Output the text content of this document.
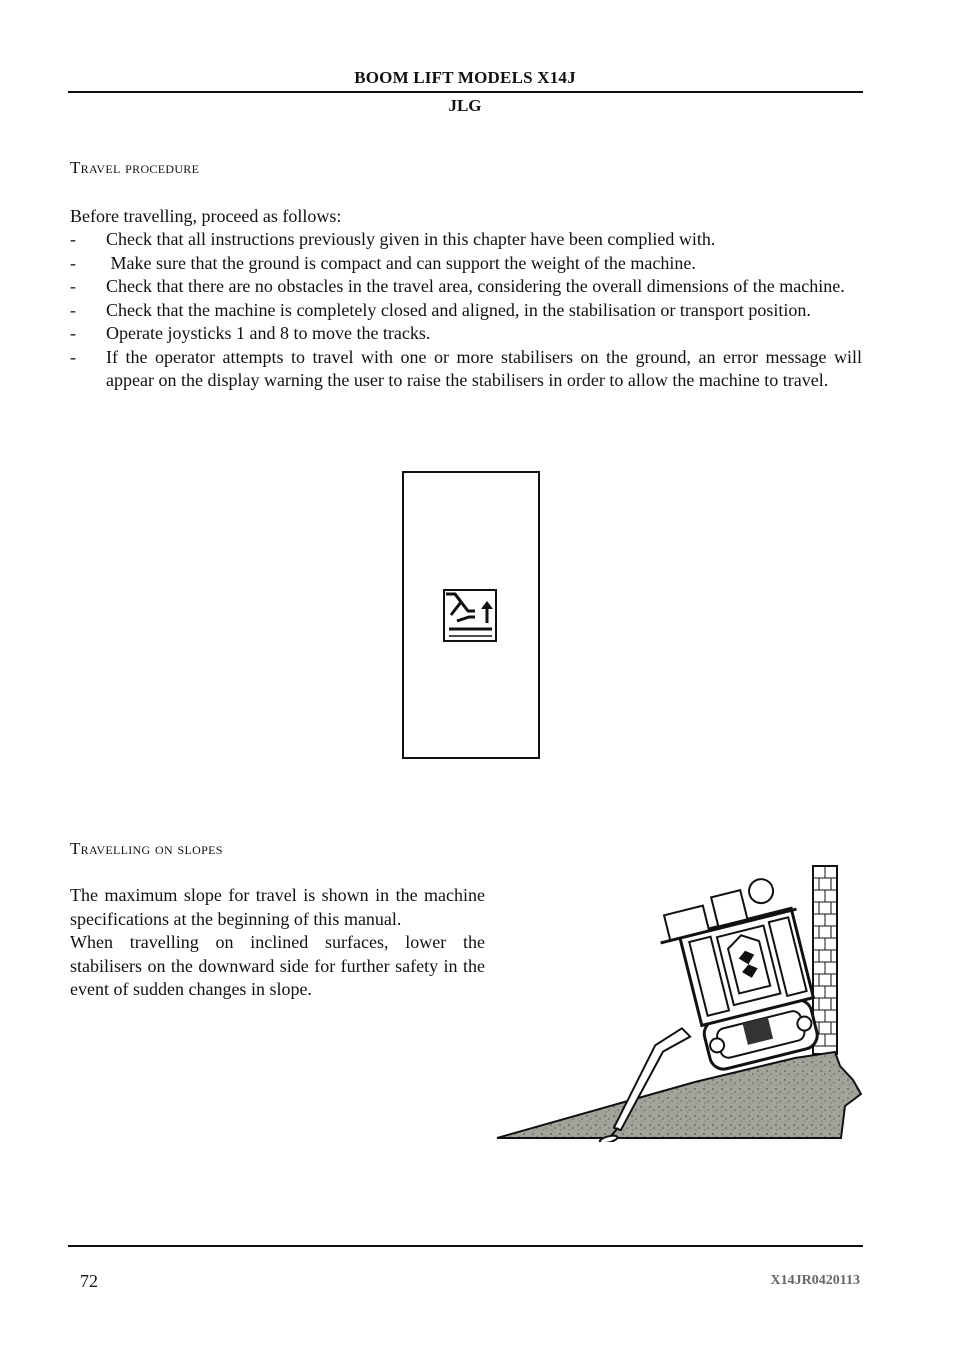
BOOM LIFT MODELS X14J
JLG
Travel procedure
Before travelling, proceed as follows:
- Check that all instructions previously given in this chapter have been complied with.
- Make sure that the ground is compact and can support the weight of the machine.
- Check that there are no obstacles in the travel area, considering the overall dimensions of the machine.
- Check that the machine is completely closed and aligned, in the stabilisation or transport position.
- Operate joysticks 1 and 8 to move the tracks.
- If the operator attempts to travel with one or more stabilisers on the ground, an error message will appear on the display warning the user to raise the stabilisers in order to allow the machine to travel.
Travelling on slopes

The maximum slope for travel is shown in the machine specifications at the beginning of this manual.

When travelling on inclined surfaces, lower the stabilisers on the downward side for further safety in the event of sudden changes in slope.

72	X14JR0420113
